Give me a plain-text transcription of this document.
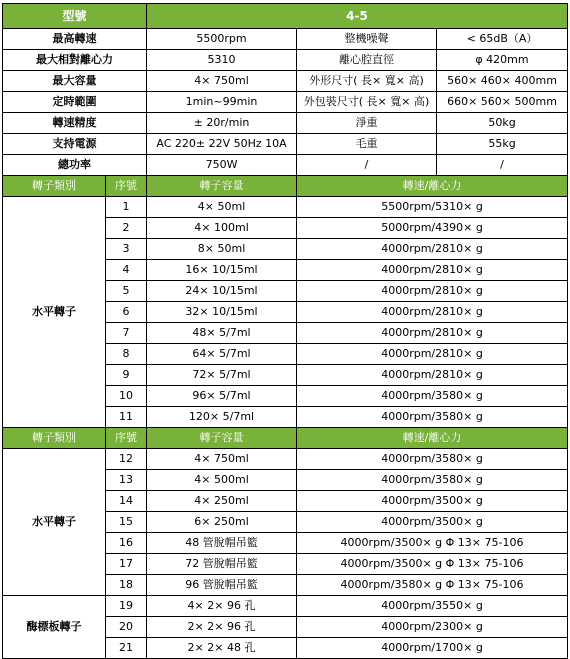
型號		4-5		
最高轉速		5500rpm	整機噪聲	< 65dB（A）
最大相對離心力		5310	離心腔直徑	φ 420mm
最大容量		4× 750ml	外形尺寸( 長× 寬× 高)	560× 460× 400mm
定時範圍		1min~99min	外包裝尺寸( 長× 寬× 高)	660× 560× 500mm
轉速精度		± 20r/min	淨重	50kg
支持電源		AC 220± 22V 50Hz 10A	毛重	55kg
總功率		750W	/	/
轉子類別	序號	轉子容量	轉速/離心力	
水平轉子	1	4× 50ml	5500rpm/5310× g	
	2	4× 100ml	5000rpm/4390× g	
	3	8× 50ml	4000rpm/2810× g	
	4	16× 10/15ml	4000rpm/2810× g	
	5	24× 10/15ml	4000rpm/2810× g	
	6	32× 10/15ml	4000rpm/2810× g	
	7	48× 5/7ml	4000rpm/2810× g	
	8	64× 5/7ml	4000rpm/2810× g	
	9	72× 5/7ml	4000rpm/2810× g	
	10	96× 5/7ml	4000rpm/3580× g	
	11	120× 5/7ml	4000rpm/3580× g	
轉子類別	序號	轉子容量	轉速/離心力	
水平轉子	12	4× 750ml	4000rpm/3580× g	
	13	4× 500ml	4000rpm/3580× g	
	14	4× 250ml	4000rpm/3500× g	
	15	6× 250ml	4000rpm/3500× g	
	16	48 管脫帽吊籃	4000rpm/3500× g Φ 13× 75-106	
	17	72 管脫帽吊籃	4000rpm/3500× g Φ 13× 75-106	
	18	96 管脫帽吊籃	4000rpm/3580× g Φ 13× 75-106	
酶標板轉子	19	4× 2× 96 孔	4000rpm/3550× g	
	20	2× 2× 96 孔	4000rpm/2300× g	
	21	2× 2× 48 孔	4000rpm/1700× g	
